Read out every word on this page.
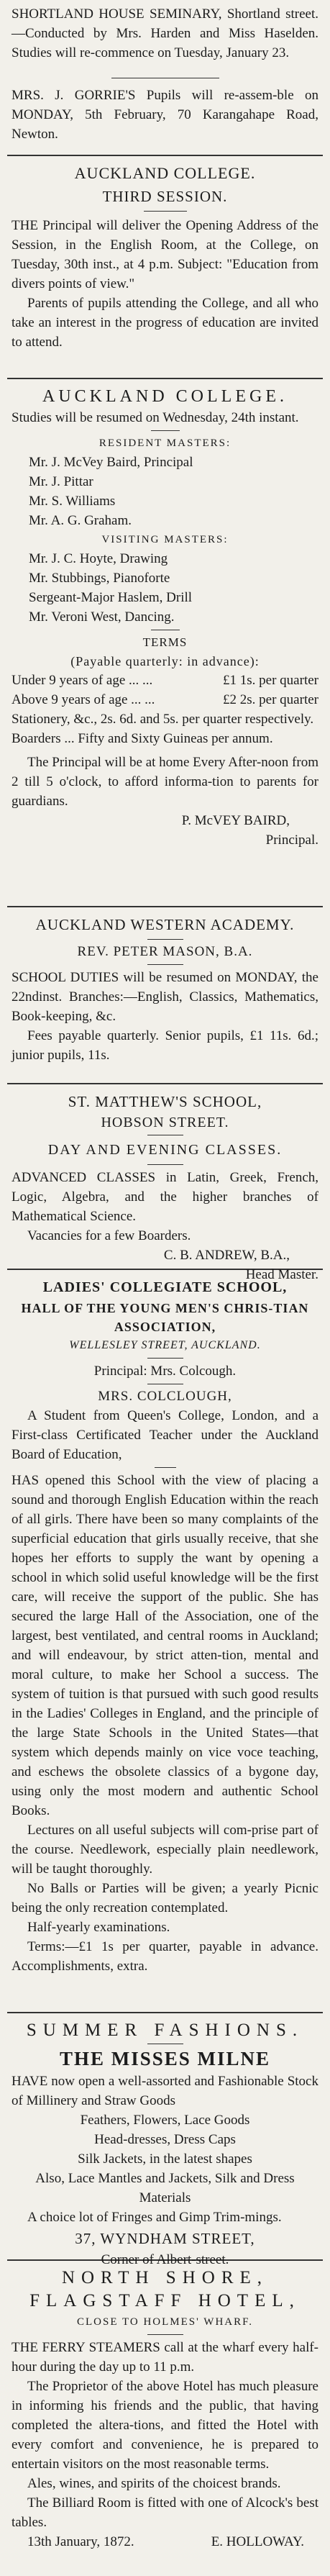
SHORTLAND HOUSE SEMINARY, Shortland street.—Conducted by Mrs. Harden and Miss Haselden. Studies will re-commence on Tuesday, January 23.

MRS. J. GORRIE'S Pupils will re-assem-ble on MONDAY, 5th February, 70 Karangahape Road, Newton.

AUCKLAND COLLEGE.

THIRD SESSION.

THE Principal will deliver the Opening Address of the Session, in the English Room, at the College, on Tuesday, 30th inst., at 4 p.m. Subject: "Education from divers points of view."

Parents of pupils attending the College, and all who take an interest in the progress of education are invited to attend.

AUCKLAND COLLEGE.

Studies will be resumed on Wednesday, 24th instant.

RESIDENT MASTERS:

Mr. J. McVey Baird, Principal

Mr. J. Pittar

Mr. S. Williams

Mr. A. G. Graham.

VISITING MASTERS:

Mr. J. C. Hoyte, Drawing

Mr. Stubbings, Pianoforte

Sergeant-Major Haslem, Drill

Mr. Veroni West, Dancing.

TERMS

(Payable quarterly: in advance):

Under 9 years of age ... ...	£1 1s. per quarter
Above 9 years of age ... ...	£2 2s. per quarter

Stationery, &c., 2s. 6d. and 5s. per quarter respectively.

Boarders ... Fifty and Sixty Guineas per annum.

The Principal will be at home Every After-noon from 2 till 5 o'clock, to afford informa-tion to parents for guardians.

P. McVEY BAIRD,

Principal.

AUCKLAND WESTERN ACADEMY.

REV. PETER MASON, B.A.

SCHOOL DUTIES will be resumed on MONDAY, the 22ndinst. Branches:—English, Classics, Mathematics, Book-keeping, &c.

Fees payable quarterly. Senior pupils, £1 11s. 6d.; junior pupils, 11s.

ST. MATTHEW'S SCHOOL,

HOBSON STREET.

DAY AND EVENING CLASSES.

ADVANCED CLASSES in Latin, Greek, French, Logic, Algebra, and the higher branches of Mathematical Science.

Vacancies for a few Boarders.

C. B. ANDREW, B.A.,

Head Master.

LADIES' COLLEGIATE SCHOOL,

HALL OF THE YOUNG MEN'S CHRIS-TIAN ASSOCIATION,

WELLESLEY STREET, AUCKLAND.

Principal: Mrs. Colcough.

MRS. COLCLOUGH,

A Student from Queen's College, London, and a First-class Certificated Teacher under the Auckland Board of Education,

HAS opened this School with the view of placing a sound and thorough English Education within the reach of all girls. There have been so many complaints of the superficial education that girls usually receive, that she hopes her efforts to supply the want by opening a school in which solid useful knowledge will be the first care, will receive the support of the public. She has secured the large Hall of the Association, one of the largest, best ventilated, and central rooms in Auckland; and will endeavour, by strict atten-tion, mental and moral culture, to make her School a success. The system of tuition is that pursued with such good results in the Ladies' Colleges in England, and the principle of the large State Schools in the United States—that system which depends mainly on vice voce teaching, and eschews the obsolete classics of a bygone day, using only the most modern and authentic School Books.

Lectures on all useful subjects will com-prise part of the course. Needlework, especially plain needlework, will be taught thoroughly.

No Balls or Parties will be given; a yearly Picnic being the only recreation contemplated.

Half-yearly examinations.

Terms:—£1 1s per quarter, payable in advance. Accomplishments, extra.

SUMMER FASHIONS.

THE MISSES MILNE

HAVE now open a well-assorted and Fashionable Stock of Millinery and Straw Goods

Feathers, Flowers, Lace Goods

Head-dresses, Dress Caps

Silk Jackets, in the latest shapes

Also, Lace Mantles and Jackets, Silk and Dress Materials

A choice lot of Fringes and Gimp Trim-mings.

37, WYNDHAM STREET,

Corner of Albert-street.

NORTH SHORE,

FLAGSTAFF HOTEL,

CLOSE TO HOLMES' WHARF.

THE FERRY STEAMERS call at the wharf every half-hour during the day up to 11 p.m.

The Proprietor of the above Hotel has much pleasure in informing his friends and the public, that having completed the altera-tions, and fitted the Hotel with every comfort and convenience, he is prepared to entertain visitors on the most reasonable terms.

Ales, wines, and spirits of the choicest brands.

The Billiard Room is fitted with one of Alcock's best tables.

13th January, 1872.	E. HOLLOWAY.
